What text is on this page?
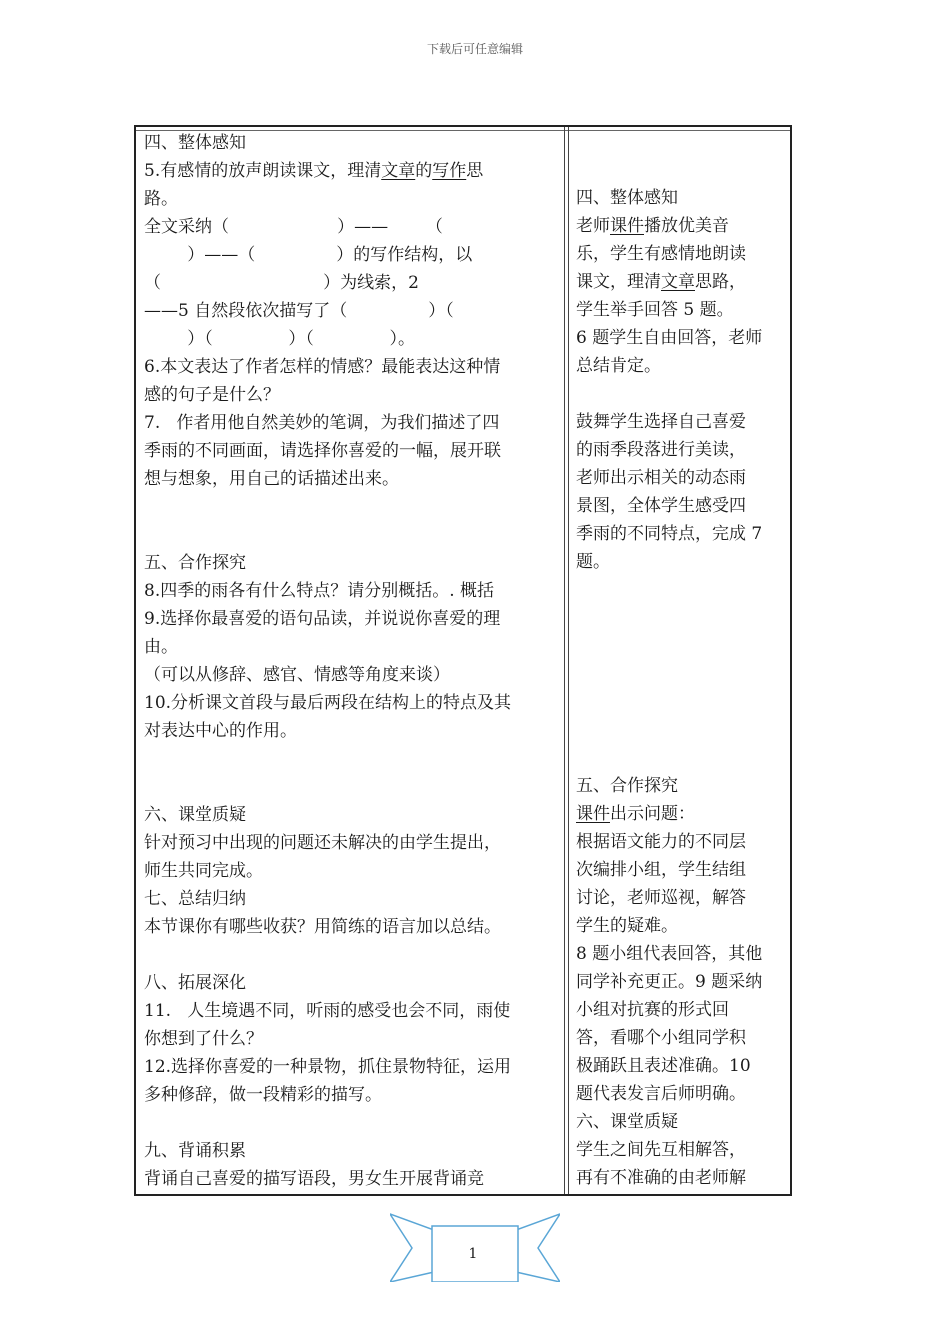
下载后可任意编辑
四、整体感知
5.有感情的放声朗读课文，理清文章的写作思
路。
全文采纳（                    ）——       （
）——（               ）的写作结构，以
（                              ）为线索，2
——5 自然段依次描写了（               ）（
）（              ）（              ）。
6.本文表达了作者怎样的情感？最能表达这种情
感的句子是什么？
7.   作者用他自然美妙的笔调，为我们描述了四
季雨的不同画面，请选择你喜爱的一幅，展开联
想与想象，用自己的话描述出来。
五、合作探究
8.四季的雨各有什么特点？请分别概括。. 概括
9.选择你最喜爱的语句品读，并说说你喜爱的理
由。
（可以从修辞、感官、情感等角度来谈）
10.分析课文首段与最后两段在结构上的特点及其
对表达中心的作用。
六、课堂质疑
针对预习中出现的问题还未解决的由学生提出，
师生共同完成。
七、总结归纳
本节课你有哪些收获？用简练的语言加以总结。
八、拓展深化
11.   人生境遇不同，听雨的感受也会不同，雨使
你想到了什么？
12.选择你喜爱的一种景物，抓住景物特征，运用
多种修辞，做一段精彩的描写。
九、背诵积累
背诵自己喜爱的描写语段，男女生开展背诵竞
四、整体感知
老师课件播放优美音
乐，学生有感情地朗读
课文，理清文章思路，
学生举手回答 5 题。
6 题学生自由回答，老师
总结肯定。
鼓舞学生选择自己喜爱
的雨季段落进行美读，
老师出示相关的动态雨
景图，全体学生感受四
季雨的不同特点，完成 7
题。
五、合作探究
课件出示问题：
根据语文能力的不同层
次编排小组，学生结组
讨论，老师巡视，解答
学生的疑难。
8 题小组代表回答，其他
同学补充更正。9 题采纳
小组对抗赛的形式回
答，看哪个小组同学积
极踊跃且表述准确。10
题代表发言后师明确。
六、课堂质疑
学生之间先互相解答，
再有不准确的由老师解
1
